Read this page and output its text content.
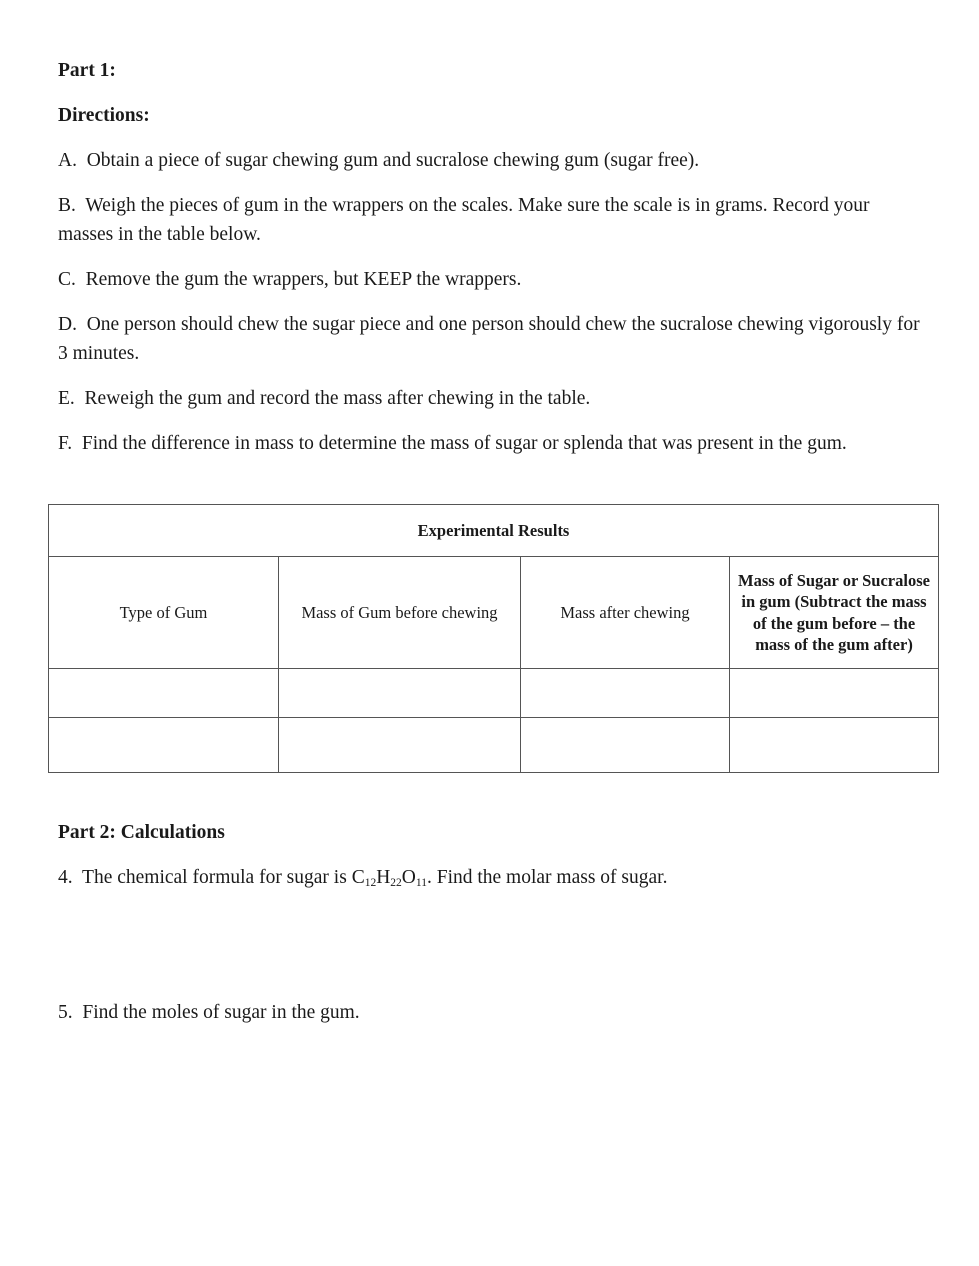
Part 1:

Directions:

A. Obtain a piece of sugar chewing gum and sucralose chewing gum (sugar free).

B. Weigh the pieces of gum in the wrappers on the scales. Make sure the scale is in grams. Record your masses in the table below.

C. Remove the gum the wrappers, but KEEP the wrappers.

D. One person should chew the sugar piece and one person should chew the sucralose chewing vigorously for 3 minutes.

E. Reweigh the gum and record the mass after chewing in the table.

F. Find the difference in mass to determine the mass of sugar or splenda that was present in the gum.

Experimental Results			
Type of Gum	Mass of Gum before chewing	Mass after chewing	Mass of Sugar or Sucralose in gum (Subtract the mass of the gum before – the mass of the gum after)

Part 2: Calculations

4. The chemical formula for sugar is $C_{12}H_{22}O_{11}$. Find the molar mass of sugar.

5. Find the moles of sugar in the gum.
